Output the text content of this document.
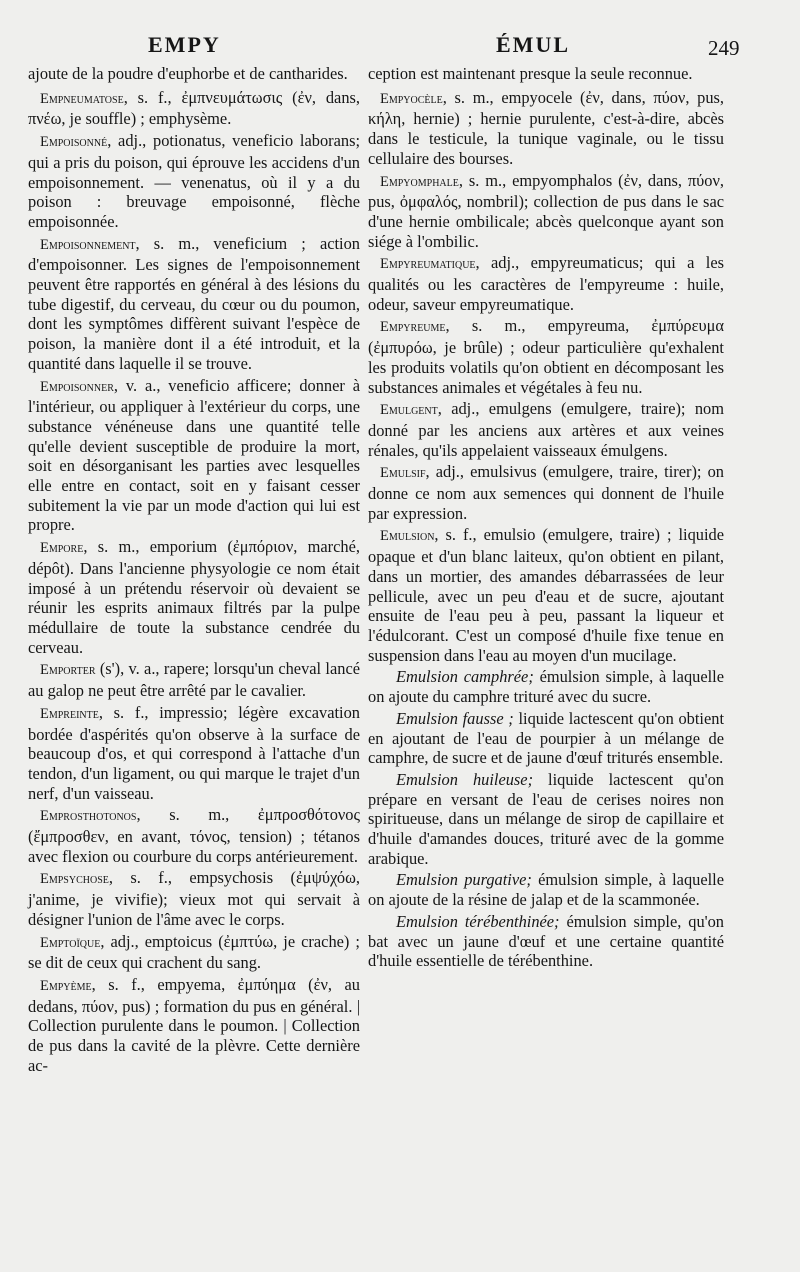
EMPY	ÉMUL	249

ajoute de la poudre d'euphorbe et de cantharides.

Empneumatose, s. f., ἐμπνευμάτωσις (ἐν, dans, πνέω, je souffle) ; emphysème.

Empoisonné, adj., potionatus, veneficio laborans; qui a pris du poison, qui éprouve les accidens d'un empoisonnement. — venenatus, où il y a du poison : breuvage empoisonné, flèche empoisonnée.

Empoisonnement, s. m., veneficium ; action d'empoisonner. Les signes de l'empoisonnement peuvent être rapportés en général à des lésions du tube digestif, du cerveau, du cœur ou du poumon, dont les symptômes diffèrent suivant l'espèce de poison, la manière dont il a été introduit, et la quantité dans laquelle il se trouve.

Empoisonner, v. a., veneficio afficere; donner à l'intérieur, ou appliquer à l'extérieur du corps, une substance vénéneuse dans une quantité telle qu'elle devient susceptible de produire la mort, soit en désorganisant les parties avec lesquelles elle entre en contact, soit en y faisant cesser subitement la vie par un mode d'action qui lui est propre.

Empore, s. m., emporium (ἐμπόριον, marché, dépôt). Dans l'ancienne physyologie ce nom était imposé à un prétendu réservoir où devaient se réunir les esprits animaux filtrés par la pulpe médullaire de toute la substance cendrée du cerveau.

Emporter (s'), v. a., rapere; lorsqu'un cheval lancé au galop ne peut être arrêté par le cavalier.

Empreinte, s. f., impressio; légère excavation bordée d'aspérités qu'on observe à la surface de beaucoup d'os, et qui correspond à l'attache d'un tendon, d'un ligament, ou qui marque le trajet d'un nerf, d'un vaisseau.

Emprosthotonos, s. m., ἐμπροσθότονος (ἔμπροσθεν, en avant, τόνος, tension) ; tétanos avec flexion ou courbure du corps antérieurement.

Empsychose, s. f., empsychosis (ἐμψύχόω, j'anime, je vivifie); vieux mot qui servait à désigner l'union de l'âme avec le corps.

Emptoïque, adj., emptoicus (ἐμπτύω, je crache) ; se dit de ceux qui crachent du sang.

Empyème, s. f., empyema, ἐμπύημα (ἐν, au dedans, πύον, pus) ; formation du pus en général. | Collection purulente dans le poumon. | Collection de pus dans la cavité de la plèvre. Cette dernière ac-

ception est maintenant presque la seule reconnue.

Empyocèle, s. m., empyocele (ἐν, dans, πύον, pus, κήλη, hernie) ; hernie purulente, c'est-à-dire, abcès dans le testicule, la tunique vaginale, ou le tissu cellulaire des bourses.

Empyomphale, s. m., empyomphalos (ἐν, dans, πύον, pus, ὀμφαλός, nombril); collection de pus dans le sac d'une hernie ombilicale; abcès quelconque ayant son siége à l'ombilic.

Empyreumatique, adj., empyreumaticus; qui a les qualités ou les caractères de l'empyreume : huile, odeur, saveur empyreumatique.

Empyreume, s. m., empyreuma, ἐμπύρευμα (ἐμπυρόω, je brûle) ; odeur particulière qu'exhalent les produits volatils qu'on obtient en décomposant les substances animales et végétales à feu nu.

Emulgent, adj., emulgens (emulgere, traire); nom donné par les anciens aux artères et aux veines rénales, qu'ils appelaient vaisseaux émulgens.

Emulsif, adj., emulsivus (emulgere, traire, tirer); on donne ce nom aux semences qui donnent de l'huile par expression.

Emulsion, s. f., emulsio (emulgere, traire) ; liquide opaque et d'un blanc laiteux, qu'on obtient en pilant, dans un mortier, des amandes débarrassées de leur pellicule, avec un peu d'eau et de sucre, ajoutant ensuite de l'eau peu à peu, passant la liqueur et l'édulcorant. C'est un composé d'huile fixe tenue en suspension dans l'eau au moyen d'un mucilage.

Emulsion camphrée; émulsion simple, à laquelle on ajoute du camphre trituré avec du sucre.

Emulsion fausse ; liquide lactescent qu'on obtient en ajoutant de l'eau de pourpier à un mélange de camphre, de sucre et de jaune d'œuf triturés ensemble.

Emulsion huileuse; liquide lactescent qu'on prépare en versant de l'eau de cerises noires non spiritueuse, dans un mélange de sirop de capillaire et d'huile d'amandes douces, trituré avec de la gomme arabique.

Emulsion purgative; émulsion simple, à laquelle on ajoute de la résine de jalap et de la scammonée.

Emulsion térébenthinée; émulsion simple, qu'on bat avec un jaune d'œuf et une certaine quantité d'huile essentielle de térébenthine.
